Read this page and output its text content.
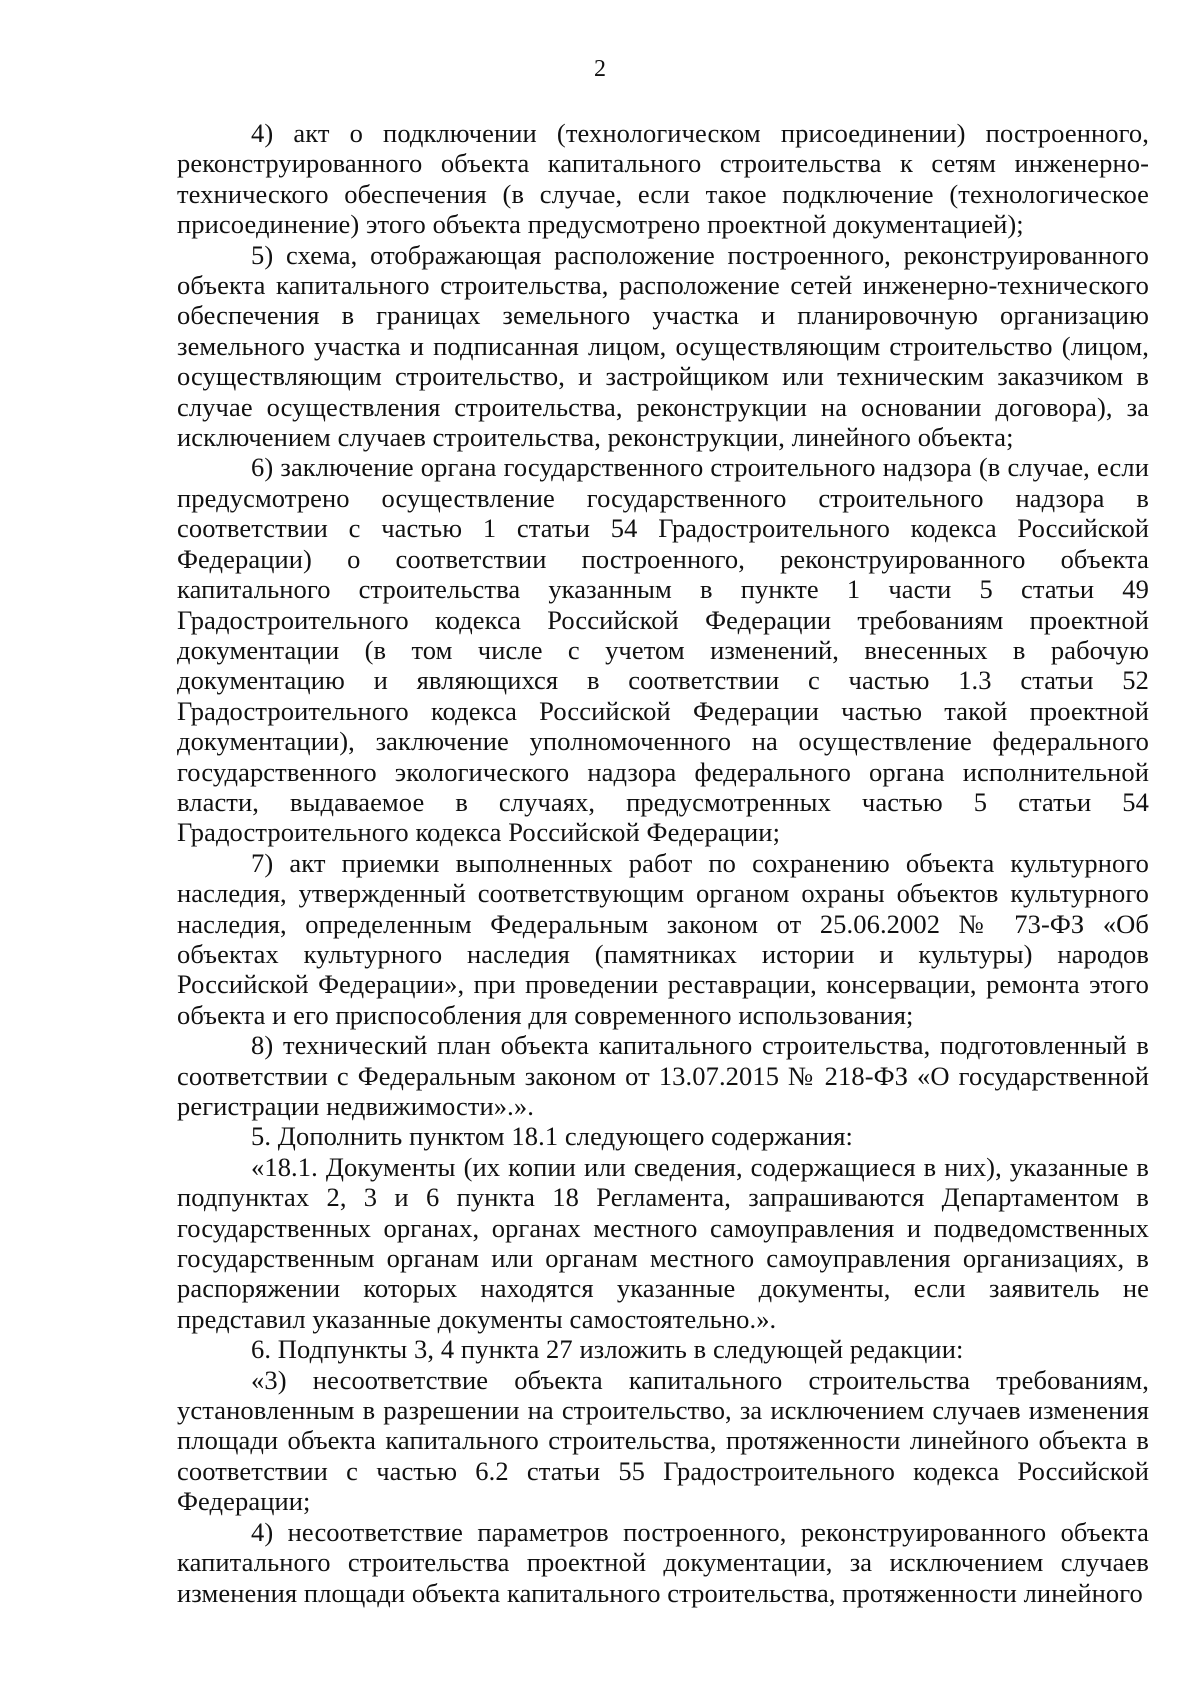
2

4) акт о подключении (технологическом присоединении) построенного, реконструированного объекта капитального строительства к сетям инженерно-технического обеспечения (в случае, если такое подключение (технологическое присоединение) этого объекта предусмотрено проектной документацией);

5) схема, отображающая расположение построенного, реконструированного объекта капитального строительства, расположение сетей инженерно-технического обеспечения в границах земельного участка и планировочную организацию земельного участка и подписанная лицом, осуществляющим строительство (лицом, осуществляющим строительство, и застройщиком или техническим заказчиком в случае осуществления строительства, реконструкции на основании договора), за исключением случаев строительства, реконструкции, линейного объекта;

6) заключение органа государственного строительного надзора (в случае, если предусмотрено осуществление государственного строительного надзора в соответствии с частью 1 статьи 54 Градостроительного кодекса Российской Федерации) о соответствии построенного, реконструированного объекта капитального строительства указанным в пункте 1 части 5 статьи 49 Градостроительного кодекса Российской Федерации требованиям проектной документации (в том числе с учетом изменений, внесенных в рабочую документацию и являющихся в соответствии с частью 1.3 статьи 52 Градостроительного кодекса Российской Федерации частью такой проектной документации), заключение уполномоченного на осуществление федерального государственного экологического надзора федерального органа исполнительной власти, выдаваемое в случаях, предусмотренных частью 5 статьи 54 Градостроительного кодекса Российской Федерации;

7) акт приемки выполненных работ по сохранению объекта культурного наследия, утвержденный соответствующим органом охраны объектов культурного наследия, определенным Федеральным законом от 25.06.2002 № 73-ФЗ «Об объектах культурного наследия (памятниках истории и культуры) народов Российской Федерации», при проведении реставрации, консервации, ремонта этого объекта и его приспособления для современного использования;

8) технический план объекта капитального строительства, подготовленный в соответствии с Федеральным законом от 13.07.2015 № 218-ФЗ «О государственной регистрации недвижимости».».

5. Дополнить пунктом 18.1 следующего содержания:

«18.1. Документы (их копии или сведения, содержащиеся в них), указанные в подпунктах 2, 3 и 6 пункта 18 Регламента, запрашиваются Департаментом в государственных органах, органах местного самоуправления и подведомственных государственным органам или органам местного самоуправления организациях, в распоряжении которых находятся указанные документы, если заявитель не представил указанные документы самостоятельно.».

6. Подпункты 3, 4 пункта 27 изложить в следующей редакции:

«3) несоответствие объекта капитального строительства требованиям, установленным в разрешении на строительство, за исключением случаев изменения площади объекта капитального строительства, протяженности линейного объекта в соответствии с частью 6.2 статьи 55 Градостроительного кодекса Российской Федерации;

4) несоответствие параметров построенного, реконструированного объекта капитального строительства проектной документации, за исключением случаев изменения площади объекта капитального строительства, протяженности линейного
